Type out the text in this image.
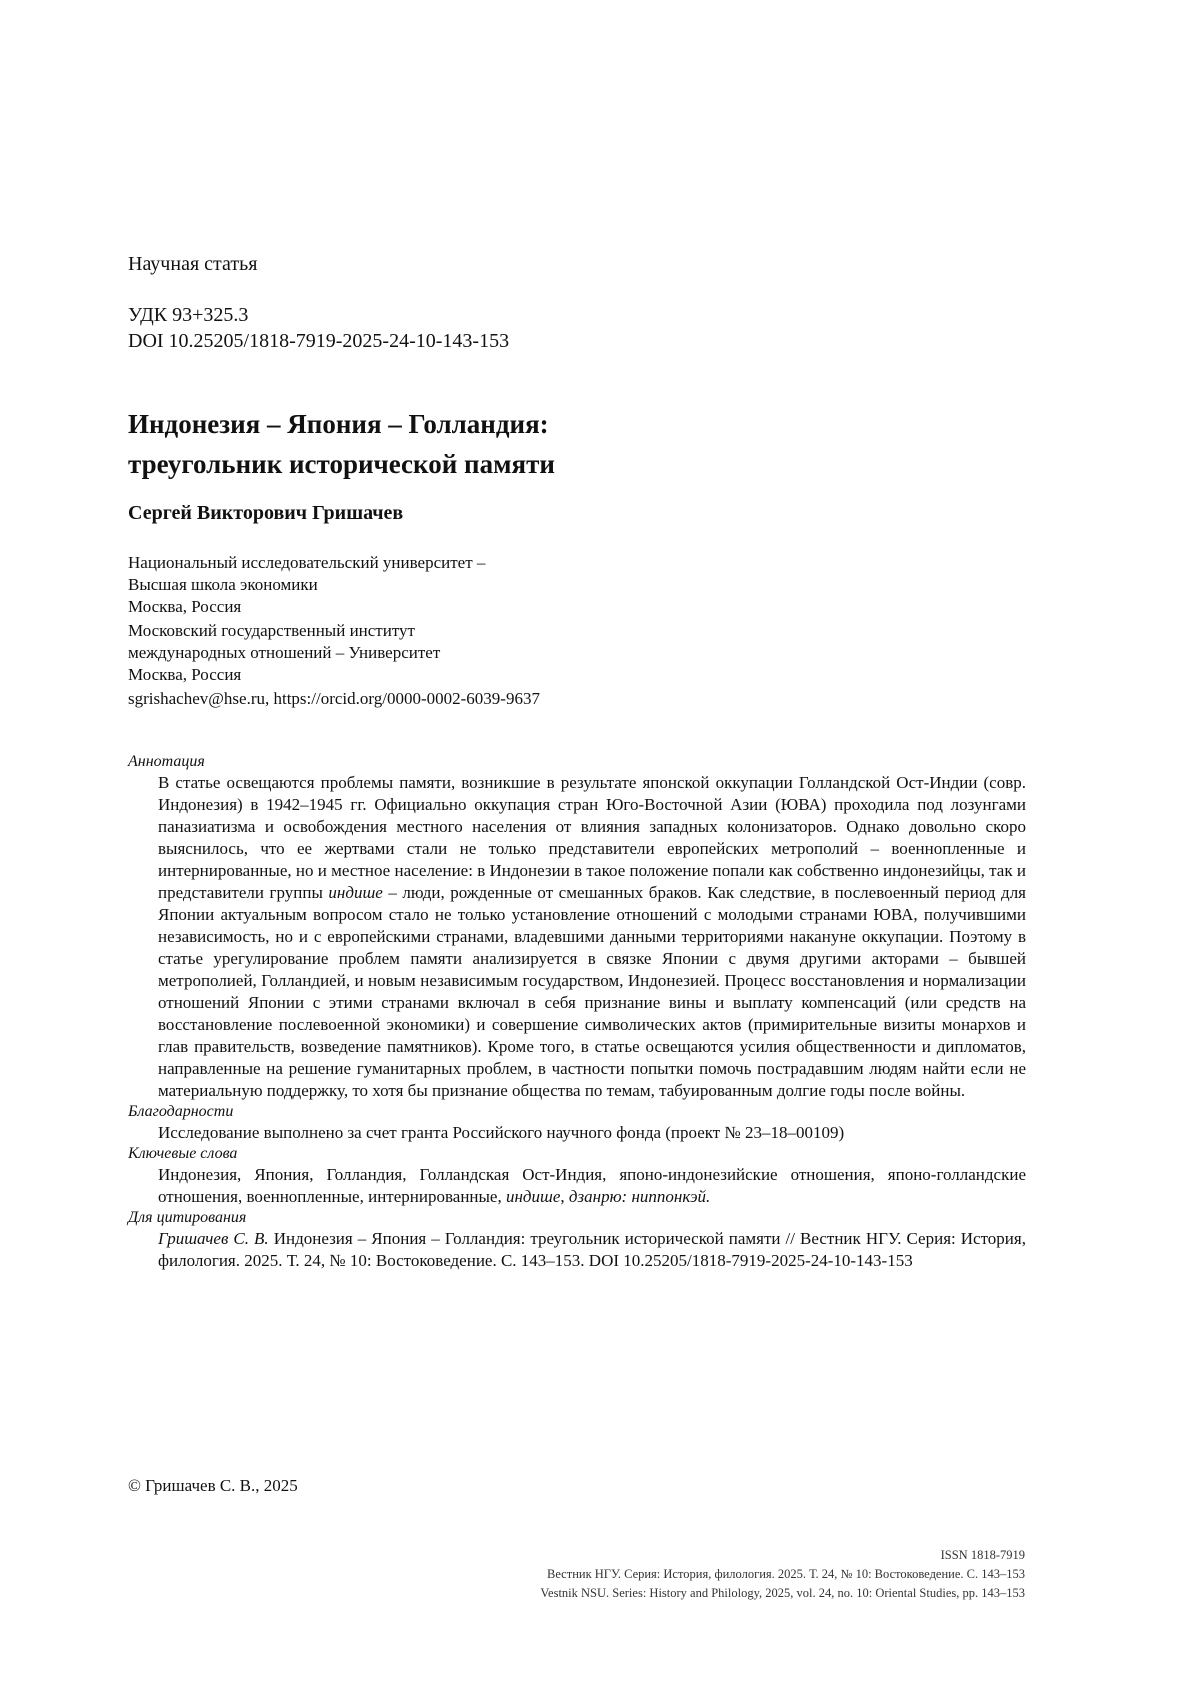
Научная статья
УДК 93+325.3
DOI 10.25205/1818-7919-2025-24-10-143-153
Индонезия – Япония – Голландия:
треугольник исторической памяти
Сергей Викторович Гришачев
Национальный исследовательский университет –
Высшая школа экономики
Москва, Россия
Московский государственный институт
международных отношений – Университет
Москва, Россия
sgrishachev@hse.ru, https://orcid.org/0000-0002-6039-9637
Аннотация
В статье освещаются проблемы памяти, возникшие в результате японской оккупации Голландской Ост-Индии (совр. Индонезия) в 1942–1945 гг. Официально оккупация стран Юго-Восточной Азии (ЮВА) проходила под лозунгами паназиатизма и освобождения местного населения от влияния западных колонизаторов. Однако довольно скоро выяснилось, что ее жертвами стали не только представители европейских метрополий – военнопленные и интернированные, но и местное население: в Индонезии в такое положение попали как собственно индонезийцы, так и представители группы индише – люди, рожденные от смешанных браков. Как следствие, в послевоенный период для Японии актуальным вопросом стало не только установление отношений с молодыми странами ЮВА, получившими независимость, но и с европейскими странами, владевшими данными территориями накануне оккупации. Поэтому в статье урегулирование проблем памяти анализируется в связке Японии с двумя другими акторами – бывшей метрополией, Голландией, и новым независимым государством, Индонезией. Процесс восстановления и нормализации отношений Японии с этими странами включал в себя признание вины и выплату компенсаций (или средств на восстановление послевоенной экономики) и совершение символических актов (примирительные визиты монархов и глав правительств, возведение памятников). Кроме того, в статье освещаются усилия общественности и дипломатов, направленные на решение гуманитарных проблем, в частности попытки помочь пострадавшим людям найти если не материальную поддержку, то хотя бы признание общества по темам, табуированным долгие годы после войны.
Благодарности
Исследование выполнено за счет гранта Российского научного фонда (проект № 23–18–00109)
Ключевые слова
Индонезия, Япония, Голландия, Голландская Ост-Индия, японо-индонезийские отношения, японо-голландские отношения, военнопленные, интернированные, индише, дзанрю: ниппонкэй.
Для цитирования
Гришачев С. В. Индонезия – Япония – Голландия: треугольник исторической памяти // Вестник НГУ. Серия: История, филология. 2025. Т. 24, № 10: Востоковедение. С. 143–153. DOI 10.25205/1818-7919-2025-24-10-143-153
© Гришачев С. В., 2025
ISSN 1818-7919
Вестник НГУ. Серия: История, филология. 2025. Т. 24, № 10: Востоковедение. С. 143–153
Vestnik NSU. Series: History and Philology, 2025, vol. 24, no. 10: Oriental Studies, pp. 143–153
